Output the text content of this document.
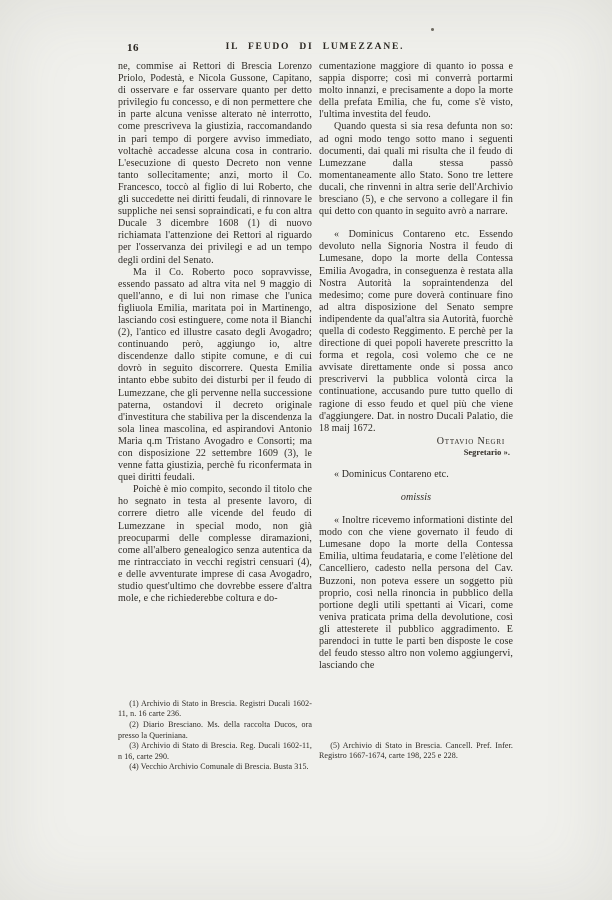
16	IL FEUDO DI LUMEZZANE.

ne, commise ai Rettori di Brescia Lorenzo Priolo, Podestà, e Nicola Gussone, Capitano, di osservare e far osservare quanto per detto privilegio fu concesso, e di non permettere che in parte alcuna venisse alterato nè interrotto, come prescriveva la giustizia, raccomandando in pari tempo di porgere avviso immediato, voltachè accadesse alcuna cosa in contrario. L'esecuzione di questo Decreto non venne tanto sollecitamente; anzi, morto il Co. Francesco, toccò al figlio di lui Roberto, che gli succedette nei diritti feudali, di rinnovare le suppliche nei sensi sopraindicati, e fu con altra Ducale 3 dicembre 1608 (1) di nuovo richiamata l'attenzione dei Rettori al riguardo per l'osservanza dei privilegi e ad un tempo degli ordini del Senato.

Ma il Co. Roberto poco sopravvisse, essendo passato ad altra vita nel 9 maggio di quell'anno, e di lui non rimase che l'unica figliuola Emilia, maritata poi in Martinengo, lasciando così estinguere, come nota il Bianchi (2), l'antico ed illustre casato degli Avogadro; continuando però, aggiungo io, altre discendenze dallo stipite comune, e di cui dovrò in seguito discorrere. Questa Emilia intanto ebbe subito dei disturbi per il feudo di Lumezzane, che gli pervenne nella successione paterna, ostandovi il decreto originale d'investitura che stabiliva per la discendenza la sola linea mascolina, ed aspirandovi Antonio Maria q.m Tristano Avogadro e Consorti; ma con disposizione 22 settembre 1609 (3), le venne fatta giustizia, perchè fu riconfermata in quei diritti feudali.

Poichè è mio compito, secondo il titolo che ho segnato in testa al presente lavoro, di correre dietro alle vicende del feudo di Lumezzane in special modo, non già preocuparmi delle complesse diramazioni, come all'albero genealogico senza autentica da me rintracciato in vecchi registri censuari (4), e delle avventurate imprese di casa Avogadro, studio quest'ultimo che dovrebbe essere d'altra mole, e che richiederebbe coltura e do-

(1) Archivio di Stato in Brescia. Registri Ducali 1602-11, n. 16 carte 236.

(2) Diario Bresciano. Ms. della raccolta Ducos, ora presso la Queriniana.

(3) Archivio di Stato di Brescia. Reg. Ducali 1602-11, n 16, carte 290.

(4) Vecchio Archivio Comunale di Brescia. Busta 315.

cumentazione maggiore di quanto io possa e sappia disporre; così mi converrà portarmi molto innanzi, e precisamente a dopo la morte della prefata Emilia, che fu, come s'è visto, l'ultima investita del feudo.

Quando questa si sia resa defunta non so: ad ogni modo tengo sotto mano i seguenti documenti, dai quali mi risulta che il feudo di Lumezzane dalla stessa passò momentaneamente allo Stato. Sono tre lettere ducali, che rinvenni in altra serie dell'Archivio bresciano (5), e che servono a collegare il fin qui detto con quanto in seguito avrò a narrare.

« Dominicus Contareno etc. Essendo devoluto nella Signoria Nostra il feudo di Lumesane, dopo la morte della Contessa Emilia Avogadra, in conseguenza è restata alla Nostra Autorità la sopraintendenza del medesimo; come pure doverà continuare fino ad altra disposizione del Senato sempre indipendente da qual'altra sia Autorità, fuorchè quella di codesto Reggimento. E perchè per la directione di quei popoli haverete prescritto la forma et regola, così volemo che ce ne avvisate direttamente onde si possa anco prescrivervi la pubblica volontà circa la continuatione, accusando pure tutto quello di ragione di esso feudo et quel più che viene d'aggiungere. Dat. in nostro Ducali Palatio, die 18 maij 1672.

Ottavio Negri

Segretario ».

« Dominicus Contareno etc.

omissis

« Inoltre ricevemo informationi distinte del modo con che viene governato il feudo di Lumesane dopo la morte della Contessa Emilia, ultima feudataria, e come l'elètione del Cancelliero, cadesto nella persona del Cav. Buzzoni, non poteva essere un soggetto più proprio, così nella rinoncia in pubblico della portione degli utili spettanti ai Vicari, come veniva praticata prima della devolutione, così gli attesterete il pubblico aggradimento. E parendoci in tutte le parti ben disposte le cose del feudo stesso altro non volemo aggiungervi, lasciando che

(5) Archivio di Stato in Brescia. Cancell. Pref. Infer. Registro 1667-1674, carte 198, 225 e 228.
